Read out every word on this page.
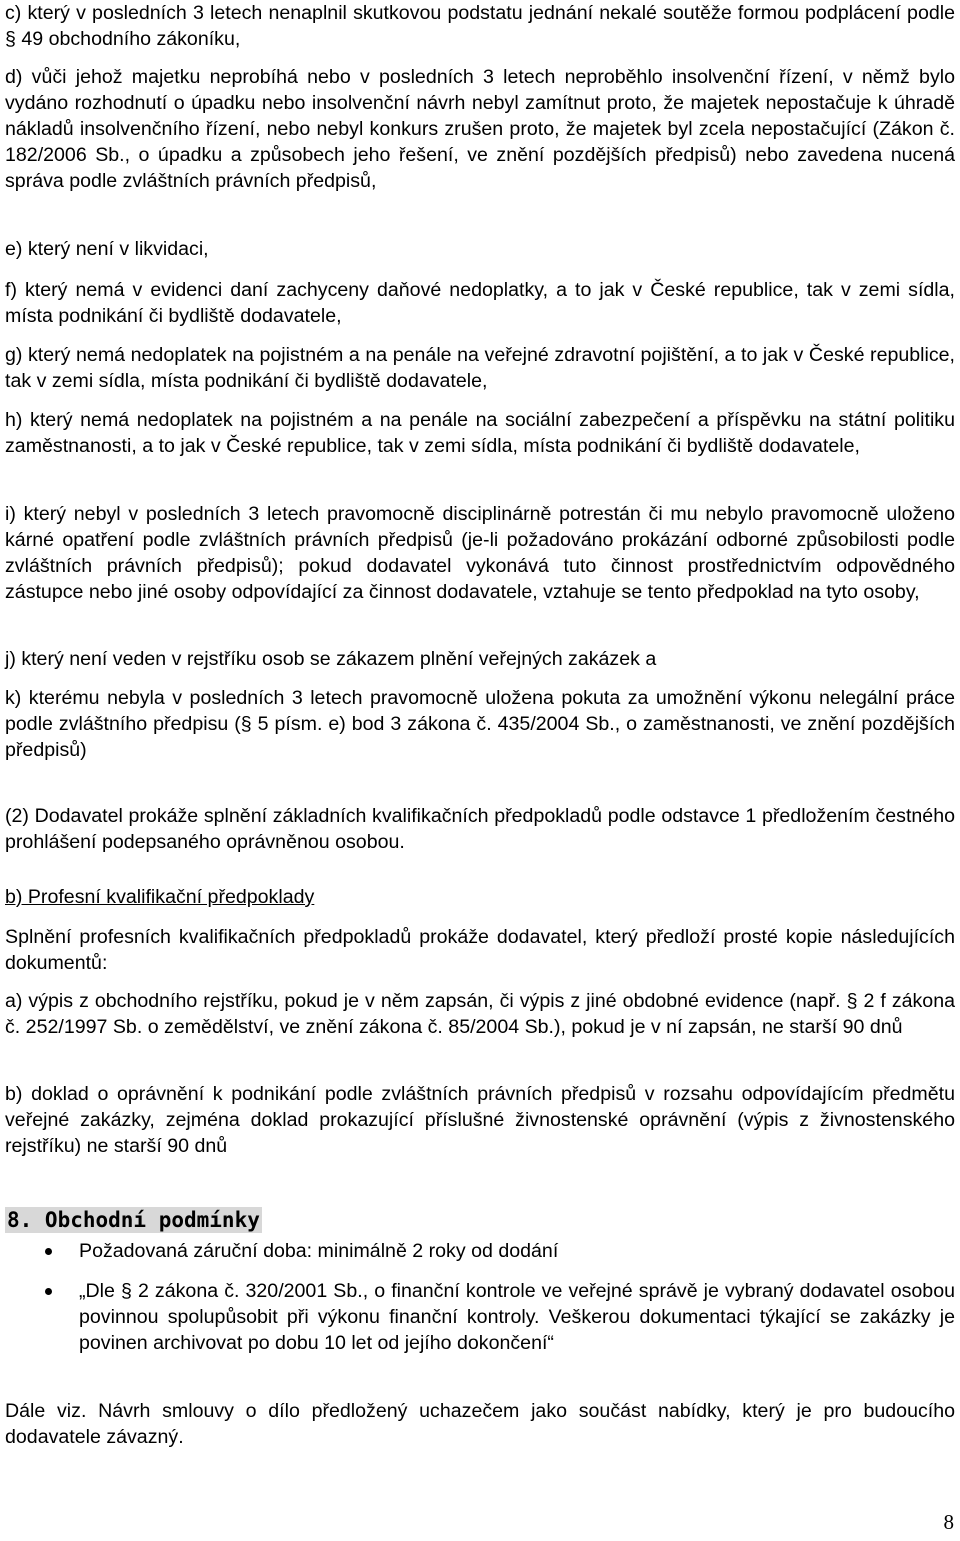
c) který v posledních 3 letech nenaplnil skutkovou podstatu jednání nekalé soutěže formou podplácení podle § 49 obchodního zákoníku,

d) vůči jehož majetku neprobíhá nebo v posledních 3 letech neproběhlo insolvenční řízení, v němž bylo vydáno rozhodnutí o úpadku nebo insolvenční návrh nebyl zamítnut proto, že majetek nepostačuje k úhradě nákladů insolvenčního řízení, nebo nebyl konkurs zrušen proto, že majetek byl zcela nepostačující (Zákon č. 182/2006 Sb., o úpadku a způsobech jeho řešení, ve znění pozdějších předpisů) nebo zavedena nucená správa podle zvláštních právních předpisů,

e) který není v likvidaci,

f) který nemá v evidenci daní zachyceny daňové nedoplatky, a to jak v České republice, tak v zemi sídla, místa podnikání či bydliště dodavatele,

g) který nemá nedoplatek na pojistném a na penále na veřejné zdravotní pojištění, a to jak v České republice, tak v zemi sídla, místa podnikání či bydliště dodavatele,

h) který nemá nedoplatek na pojistném a na penále na sociální zabezpečení a příspěvku na státní politiku zaměstnanosti, a to jak v České republice, tak v zemi sídla, místa podnikání či bydliště dodavatele,

i) který nebyl v posledních 3 letech pravomocně disciplinárně potrestán či mu nebylo pravomocně uloženo kárné opatření podle zvláštních právních předpisů (je-li požadováno prokázání odborné způsobilosti podle zvláštních právních předpisů); pokud dodavatel vykonává tuto činnost prostřednictvím odpovědného zástupce nebo jiné osoby odpovídající za činnost dodavatele, vztahuje se tento předpoklad na tyto osoby,

j) který není veden v rejstříku osob se zákazem plnění veřejných zakázek a

k) kterému nebyla v posledních 3 letech pravomocně uložena pokuta za umožnění výkonu nelegální práce podle zvláštního předpisu (§ 5 písm. e) bod 3 zákona č. 435/2004 Sb., o zaměstnanosti, ve znění pozdějších předpisů)

(2) Dodavatel prokáže splnění základních kvalifikačních předpokladů podle odstavce 1 předložením čestného prohlášení podepsaného oprávněnou osobou.

b) Profesní kvalifikační předpoklady

Splnění profesních kvalifikačních předpokladů prokáže dodavatel, který předloží prosté kopie následujících dokumentů:

a) výpis z obchodního rejstříku, pokud je v něm zapsán, či výpis z jiné obdobné evidence (např. § 2 f zákona č. 252/1997 Sb. o zemědělství, ve znění zákona č. 85/2004 Sb.), pokud je v ní zapsán, ne starší 90 dnů

b) doklad o oprávnění k podnikání podle zvláštních právních předpisů v rozsahu odpovídajícím předmětu veřejné zakázky, zejména doklad prokazující příslušné živnostenské oprávnění (výpis z živnostenského rejstříku) ne starší 90 dnů

8. Obchodní podmínky

Požadovaná záruční doba: minimálně 2 roky od dodání

„Dle § 2 zákona č. 320/2001 Sb., o finanční kontrole ve veřejné správě je vybraný dodavatel osobou povinnou spolupůsobit při výkonu finanční kontroly. Veškerou dokumentaci týkající se zakázky je povinen archivovat po dobu 10 let od jejího dokončení“

Dále viz. Návrh smlouvy o dílo předložený uchazečem jako součást nabídky, který je pro budoucího dodavatele závazný.

8
